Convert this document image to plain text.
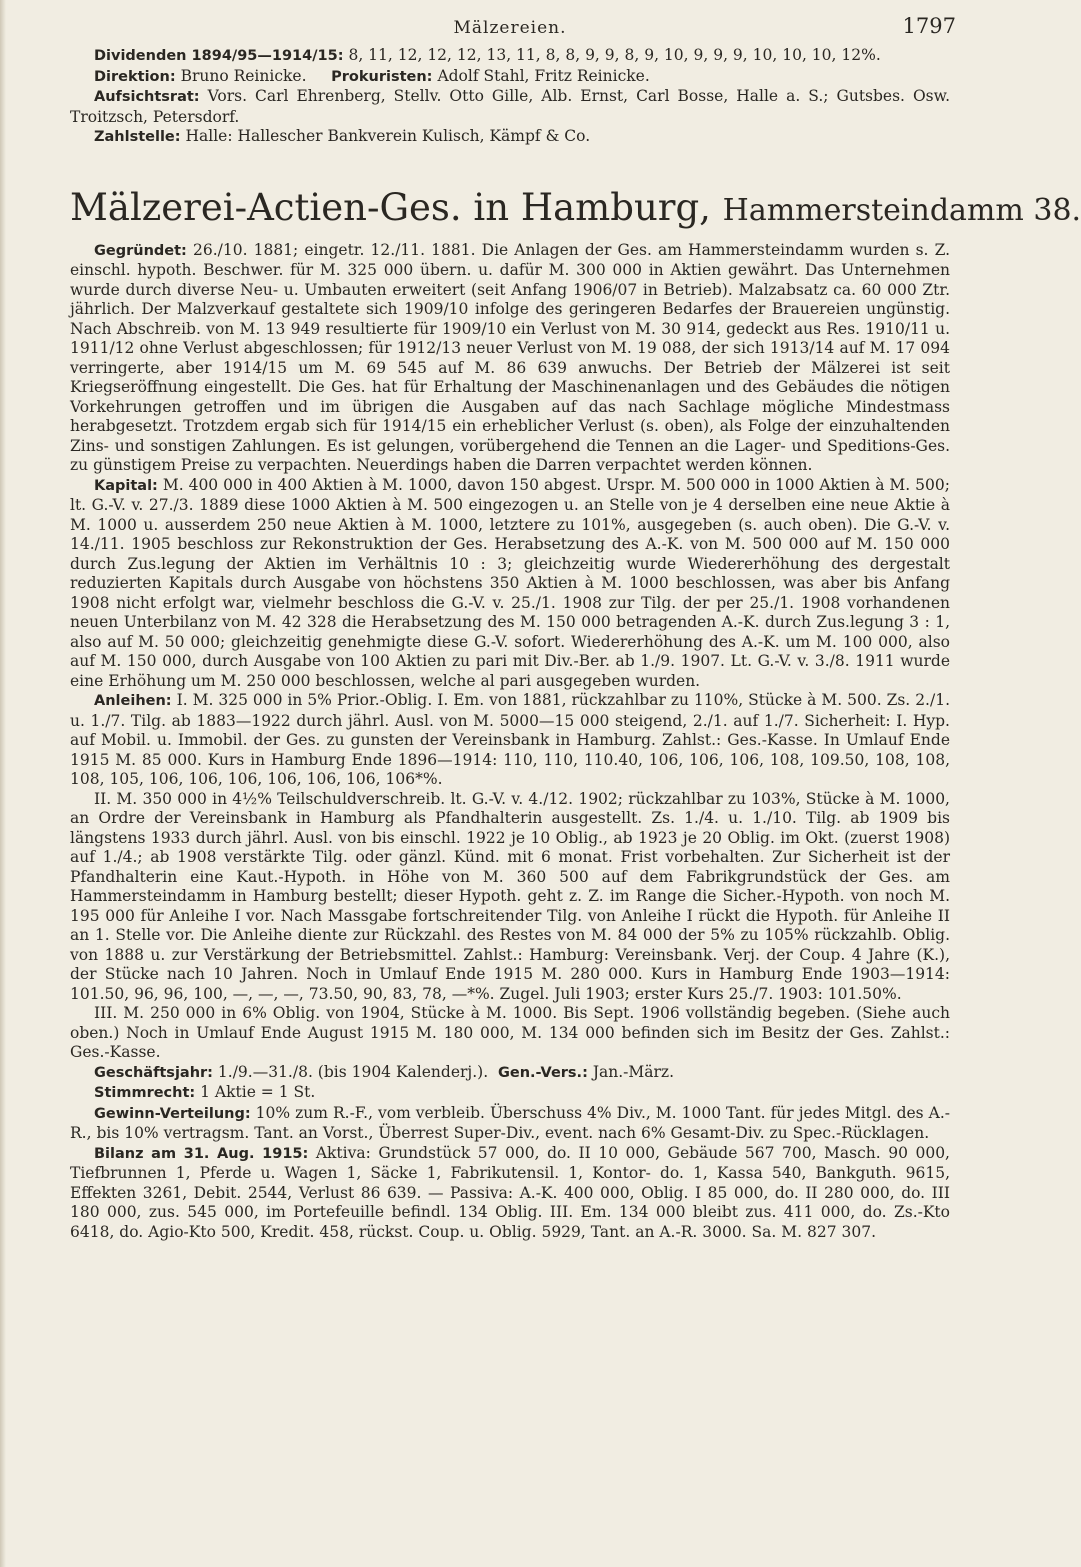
Mälzereien.	1797

Dividenden 1894/95—1914/15: 8, 11, 12, 12, 12, 13, 11, 8, 8, 9, 9, 8, 9, 10, 9, 9, 9, 10, 10, 10, 12%.

Direktion: Bruno Reinicke. Prokuristen: Adolf Stahl, Fritz Reinicke.

Aufsichtsrat: Vors. Carl Ehrenberg, Stellv. Otto Gille, Alb. Ernst, Carl Bosse, Halle a. S.; Gutsbes. Osw. Troitzsch, Petersdorf.

Zahlstelle: Halle: Hallescher Bankverein Kulisch, Kämpf & Co.

Mälzerei-Actien-Ges. in Hamburg, Hammersteindamm 38.

Gegründet: 26./10. 1881; eingetr. 12./11. 1881. Die Anlagen der Ges. am Hammersteindamm wurden s. Z. einschl. hypoth. Beschwer. für M. 325 000 übern. u. dafür M. 300 000 in Aktien gewährt. Das Unternehmen wurde durch diverse Neu- u. Umbauten erweitert (seit Anfang 1906/07 in Betrieb). Malzabsatz ca. 60 000 Ztr. jährlich. Der Malzverkauf gestaltete sich 1909/10 infolge des geringeren Bedarfes der Brauereien ungünstig. Nach Abschreib. von M. 13 949 resultierte für 1909/10 ein Verlust von M. 30 914, gedeckt aus Res. 1910/11 u. 1911/12 ohne Verlust abgeschlossen; für 1912/13 neuer Verlust von M. 19 088, der sich 1913/14 auf M. 17 094 verringerte, aber 1914/15 um M. 69 545 auf M. 86 639 anwuchs. Der Betrieb der Mälzerei ist seit Kriegseröffnung eingestellt. Die Ges. hat für Erhaltung der Maschinenanlagen und des Gebäudes die nötigen Vorkehrungen getroffen und im übrigen die Ausgaben auf das nach Sachlage mögliche Mindestmass herabgesetzt. Trotzdem ergab sich für 1914/15 ein erheblicher Verlust (s. oben), als Folge der einzuhaltenden Zins- und sonstigen Zahlungen. Es ist gelungen, vorübergehend die Tennen an die Lager- und Speditions-Ges. zu günstigem Preise zu verpachten. Neuerdings haben die Darren verpachtet werden können.

Kapital: M. 400 000 in 400 Aktien à M. 1000, davon 150 abgest. Urspr. M. 500 000 in 1000 Aktien à M. 500; lt. G.-V. v. 27./3. 1889 diese 1000 Aktien à M. 500 eingezogen u. an Stelle von je 4 derselben eine neue Aktie à M. 1000 u. ausserdem 250 neue Aktien à M. 1000, letztere zu 101%, ausgegeben (s. auch oben). Die G.-V. v. 14./11. 1905 beschloss zur Rekonstruktion der Ges. Herabsetzung des A.-K. von M. 500 000 auf M. 150 000 durch Zus.legung der Aktien im Verhältnis 10 : 3; gleichzeitig wurde Wiedererhöhung des dergestalt reduzierten Kapitals durch Ausgabe von höchstens 350 Aktien à M. 1000 beschlossen, was aber bis Anfang 1908 nicht erfolgt war, vielmehr beschloss die G.-V. v. 25./1. 1908 zur Tilg. der per 25./1. 1908 vorhandenen neuen Unterbilanz von M. 42 328 die Herabsetzung des M. 150 000 betragenden A.-K. durch Zus.legung 3 : 1, also auf M. 50 000; gleichzeitig genehmigte diese G.-V. sofort. Wiedererhöhung des A.-K. um M. 100 000, also auf M. 150 000, durch Ausgabe von 100 Aktien zu pari mit Div.-Ber. ab 1./9. 1907. Lt. G.-V. v. 3./8. 1911 wurde eine Erhöhung um M. 250 000 beschlossen, welche al pari ausgegeben wurden.

Anleihen: I. M. 325 000 in 5% Prior.-Oblig. I. Em. von 1881, rückzahlbar zu 110%, Stücke à M. 500. Zs. 2./1. u. 1./7. Tilg. ab 1883—1922 durch jährl. Ausl. von M. 5000—15 000 steigend, 2./1. auf 1./7. Sicherheit: I. Hyp. auf Mobil. u. Immobil. der Ges. zu gunsten der Vereinsbank in Hamburg. Zahlst.: Ges.-Kasse. In Umlauf Ende 1915 M. 85 000. Kurs in Hamburg Ende 1896—1914: 110, 110, 110.40, 106, 106, 106, 108, 109.50, 108, 108, 108, 105, 106, 106, 106, 106, 106, 106, 106*%.

II. M. 350 000 in 4½% Teilschuldverschreib. lt. G.-V. v. 4./12. 1902; rückzahlbar zu 103%, Stücke à M. 1000, an Ordre der Vereinsbank in Hamburg als Pfandhalterin ausgestellt. Zs. 1./4. u. 1./10. Tilg. ab 1909 bis längstens 1933 durch jährl. Ausl. von bis einschl. 1922 je 10 Oblig., ab 1923 je 20 Oblig. im Okt. (zuerst 1908) auf 1./4.; ab 1908 verstärkte Tilg. oder gänzl. Künd. mit 6 monat. Frist vorbehalten. Zur Sicherheit ist der Pfandhalterin eine Kaut.-Hypoth. in Höhe von M. 360 500 auf dem Fabrikgrundstück der Ges. am Hammersteindamm in Hamburg bestellt; dieser Hypoth. geht z. Z. im Range die Sicher.-Hypoth. von noch M. 195 000 für Anleihe I vor. Nach Massgabe fortschreitender Tilg. von Anleihe I rückt die Hypoth. für Anleihe II an 1. Stelle vor. Die Anleihe diente zur Rückzahl. des Restes von M. 84 000 der 5% zu 105% rückzahlb. Oblig. von 1888 u. zur Verstärkung der Betriebsmittel. Zahlst.: Hamburg: Vereinsbank. Verj. der Coup. 4 Jahre (K.), der Stücke nach 10 Jahren. Noch in Umlauf Ende 1915 M. 280 000. Kurs in Hamburg Ende 1903—1914: 101.50, 96, 96, 100, —, —, —, 73.50, 90, 83, 78, —*%. Zugel. Juli 1903; erster Kurs 25./7. 1903: 101.50%.

III. M. 250 000 in 6% Oblig. von 1904, Stücke à M. 1000. Bis Sept. 1906 vollständig begeben. (Siehe auch oben.) Noch in Umlauf Ende August 1915 M. 180 000, M. 134 000 befinden sich im Besitz der Ges. Zahlst.: Ges.-Kasse.

Geschäftsjahr: 1./9.—31./8. (bis 1904 Kalenderj.). Gen.-Vers.: Jan.-März.

Stimmrecht: 1 Aktie = 1 St.

Gewinn-Verteilung: 10% zum R.-F., vom verbleib. Überschuss 4% Div., M. 1000 Tant. für jedes Mitgl. des A.-R., bis 10% vertragsm. Tant. an Vorst., Überrest Super-Div., event. nach 6% Gesamt-Div. zu Spec.-Rücklagen.

Bilanz am 31. Aug. 1915: Aktiva: Grundstück 57 000, do. II 10 000, Gebäude 567 700, Masch. 90 000, Tiefbrunnen 1, Pferde u. Wagen 1, Säcke 1, Fabrikutensil. 1, Kontor- do. 1, Kassa 540, Bankguth. 9615, Effekten 3261, Debit. 2544, Verlust 86 639. — Passiva: A.-K. 400 000, Oblig. I 85 000, do. II 280 000, do. III 180 000, zus. 545 000, im Portefeuille befindl. 134 Oblig. III. Em. 134 000 bleibt zus. 411 000, do. Zs.-Kto 6418, do. Agio-Kto 500, Kredit. 458, rückst. Coup. u. Oblig. 5929, Tant. an A.-R. 3000. Sa. M. 827 307.
